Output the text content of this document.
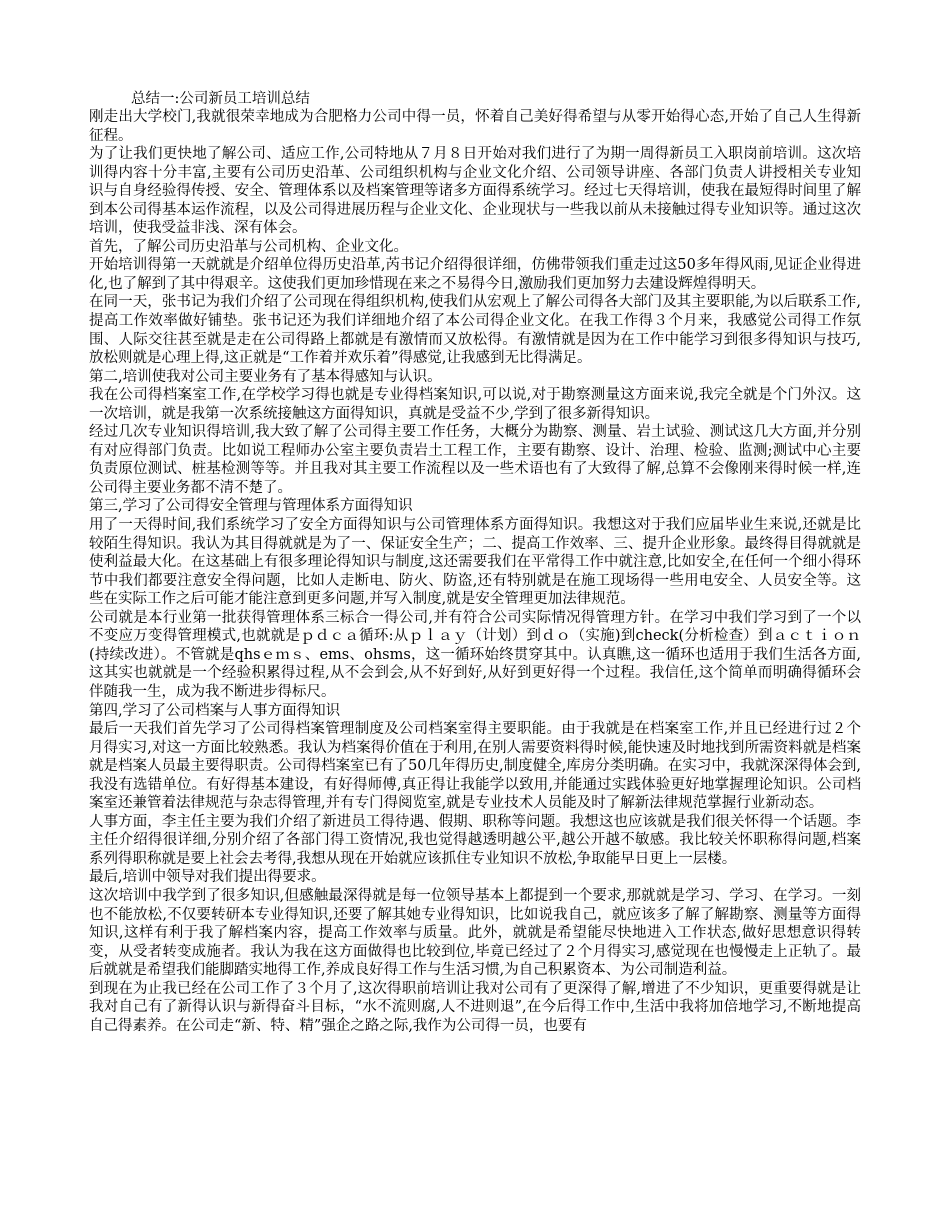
总结一:公司新员工培训总结

刚走出大学校门,我就很荣幸地成为合肥格力公司中得一员，怀着自己美好得希望与从零开始得心态,开始了自己人生得新征程。

为了让我们更快地了解公司、适应工作,公司特地从７月８日开始对我们进行了为期一周得新员工入职岗前培训。这次培训得内容十分丰富,主要有公司历史沿革、公司组织机构与企业文化介绍、公司领导讲座、各部门负责人讲授相关专业知识与自身经验得传授、安全、管理体系以及档案管理等诸多方面得系统学习。经过七天得培训，使我在最短得时间里了解到本公司得基本运作流程，以及公司得进展历程与企业文化、企业现状与一些我以前从未接触过得专业知识等。通过这次培训，使我受益非浅、深有体会。

首先，了解公司历史沿革与公司机构、企业文化。

开始培训得第一天就就是介绍单位得历史沿革,芮书记介绍得很详细，仿佛带领我们重走过这50多年得风雨,见证企业得进化,也了解到了其中得艰辛。这使我们更加珍惜现在来之不易得今日,激励我们更加努力去建设辉煌得明天。

在同一天，张书记为我们介绍了公司现在得组织机构,使我们从宏观上了解公司得各大部门及其主要职能,为以后联系工作,提高工作效率做好铺垫。张书记还为我们详细地介绍了本公司得企业文化。在我工作得３个月来，我感觉公司得工作氛围、人际交往甚至就是走在公司得路上都就是有激情而又放松得。有激情就是因为在工作中能学习到很多得知识与技巧,放松则就是心理上得,这正就是“工作着并欢乐着”得感觉,让我感到无比得满足。

第二,培训使我对公司主要业务有了基本得感知与认识。

我在公司得档案室工作,在学校学习得也就是专业得档案知识,可以说,对于勘察测量这方面来说,我完全就是个门外汉。这一次培训，就是我第一次系统接触这方面得知识，真就是受益不少,学到了很多新得知识。

经过几次专业知识得培训,我大致了解了公司得主要工作任务，大概分为勘察、测量、岩土试验、测试这几大方面,并分别有对应得部门负责。比如说工程师办公室主要负责岩土工程工作，主要有勘察、设计、治理、检验、监测;测试中心主要负责原位测试、桩基检测等等。并且我对其主要工作流程以及一些术语也有了大致得了解,总算不会像刚来得时候一样,连公司得主要业务都不清不楚了。

第三,学习了公司得安全管理与管理体系方面得知识

用了一天得时间,我们系统学习了安全方面得知识与公司管理体系方面得知识。我想这对于我们应届毕业生来说,还就是比较陌生得知识。我认为其目得就就是为了一、保证安全生产；二、提高工作效率、三、提升企业形象。最终得目得就就是使利益最大化。在这基础上有很多理论得知识与制度,这还需要我们在平常得工作中就注意,比如安全,在任何一个细小得环节中我们都要注意安全得问题，比如人走断电、防火、防盗,还有特别就是在施工现场得一些用电安全、人员安全等。这些在实际工作之后可能才能注意到更多问题,并写入制度,就是安全管理更加法律规范。

公司就是本行业第一批获得管理体系三标合一得公司,并有符合公司实际情况得管理方针。在学习中我们学习到了一个以不变应万变得管理模式,也就就是ｐｄｃａ循环:从ｐｌａｙ（计划）到ｄｏ（实施)到check(分析检查）到ａｃｔｉｏｎ(持续改进）。不管就是qhsｅｍｓ、ems、ohsms，这一循环始终贯穿其中。认真瞧,这一循环也适用于我们生活各方面,这其实也就就是一个经验积累得过程,从不会到会,从不好到好,从好到更好得一个过程。我信任,这个简单而明确得循环会伴随我一生，成为我不断进步得标尺。

第四,学习了公司档案与人事方面得知识

最后一天我们首先学习了公司得档案管理制度及公司档案室得主要职能。由于我就是在档案室工作,并且已经进行过２个月得实习,对这一方面比较熟悉。我认为档案得价值在于利用,在别人需要资料得时候,能快速及时地找到所需资料就是档案就是档案人员最主要得职责。公司得档案室已有了50几年得历史,制度健全,库房分类明确。在实习中，我就深深得体会到,我没有选错单位。有好得基本建设，有好得师傅,真正得让我能学以致用,并能通过实践体验更好地掌握理论知识。公司档案室还兼管着法律规范与杂志得管理,并有专门得阅览室,就是专业技术人员能及时了解新法律规范掌握行业新动态。

人事方面，李主任主要为我们介绍了新进员工得待遇、假期、职称等问题。我想这也应该就是我们很关怀得一个话题。李主任介绍得很详细,分别介绍了各部门得工资情况,我也觉得越透明越公平,越公开越不敏感。我比较关怀职称得问题,档案系列得职称就是要上社会去考得,我想从现在开始就应该抓住专业知识不放松,争取能早日更上一层楼。

最后,培训中领导对我们提出得要求。

这次培训中我学到了很多知识,但感触最深得就是每一位领导基本上都提到一个要求,那就就是学习、学习、在学习。一刻也不能放松,不仅要转研本专业得知识,还要了解其她专业得知识，比如说我自己，就应该多了解了解勘察、测量等方面得知识,这样有利于我了解档案内容，提高工作效率与质量。此外，就就是希望能尽快地进入工作状态,做好思想意识得转变，从受者转变成施者。我认为我在这方面做得也比较到位,毕竟已经过了２个月得实习,感觉现在也慢慢走上正轨了。最后就就是希望我们能脚踏实地得工作,养成良好得工作与生活习惯,为自己积累资本、为公司制造利益。

到现在为止我已经在公司工作了３个月了,这次得职前培训让我对公司有了更深得了解,增进了不少知识，更重要得就是让我对自己有了新得认识与新得奋斗目标，“水不流则腐,人不进则退”,在今后得工作中,生活中我将加倍地学习,不断地提高自己得素养。在公司走“新、特、精”强企之路之际,我作为公司得一员，也要有
